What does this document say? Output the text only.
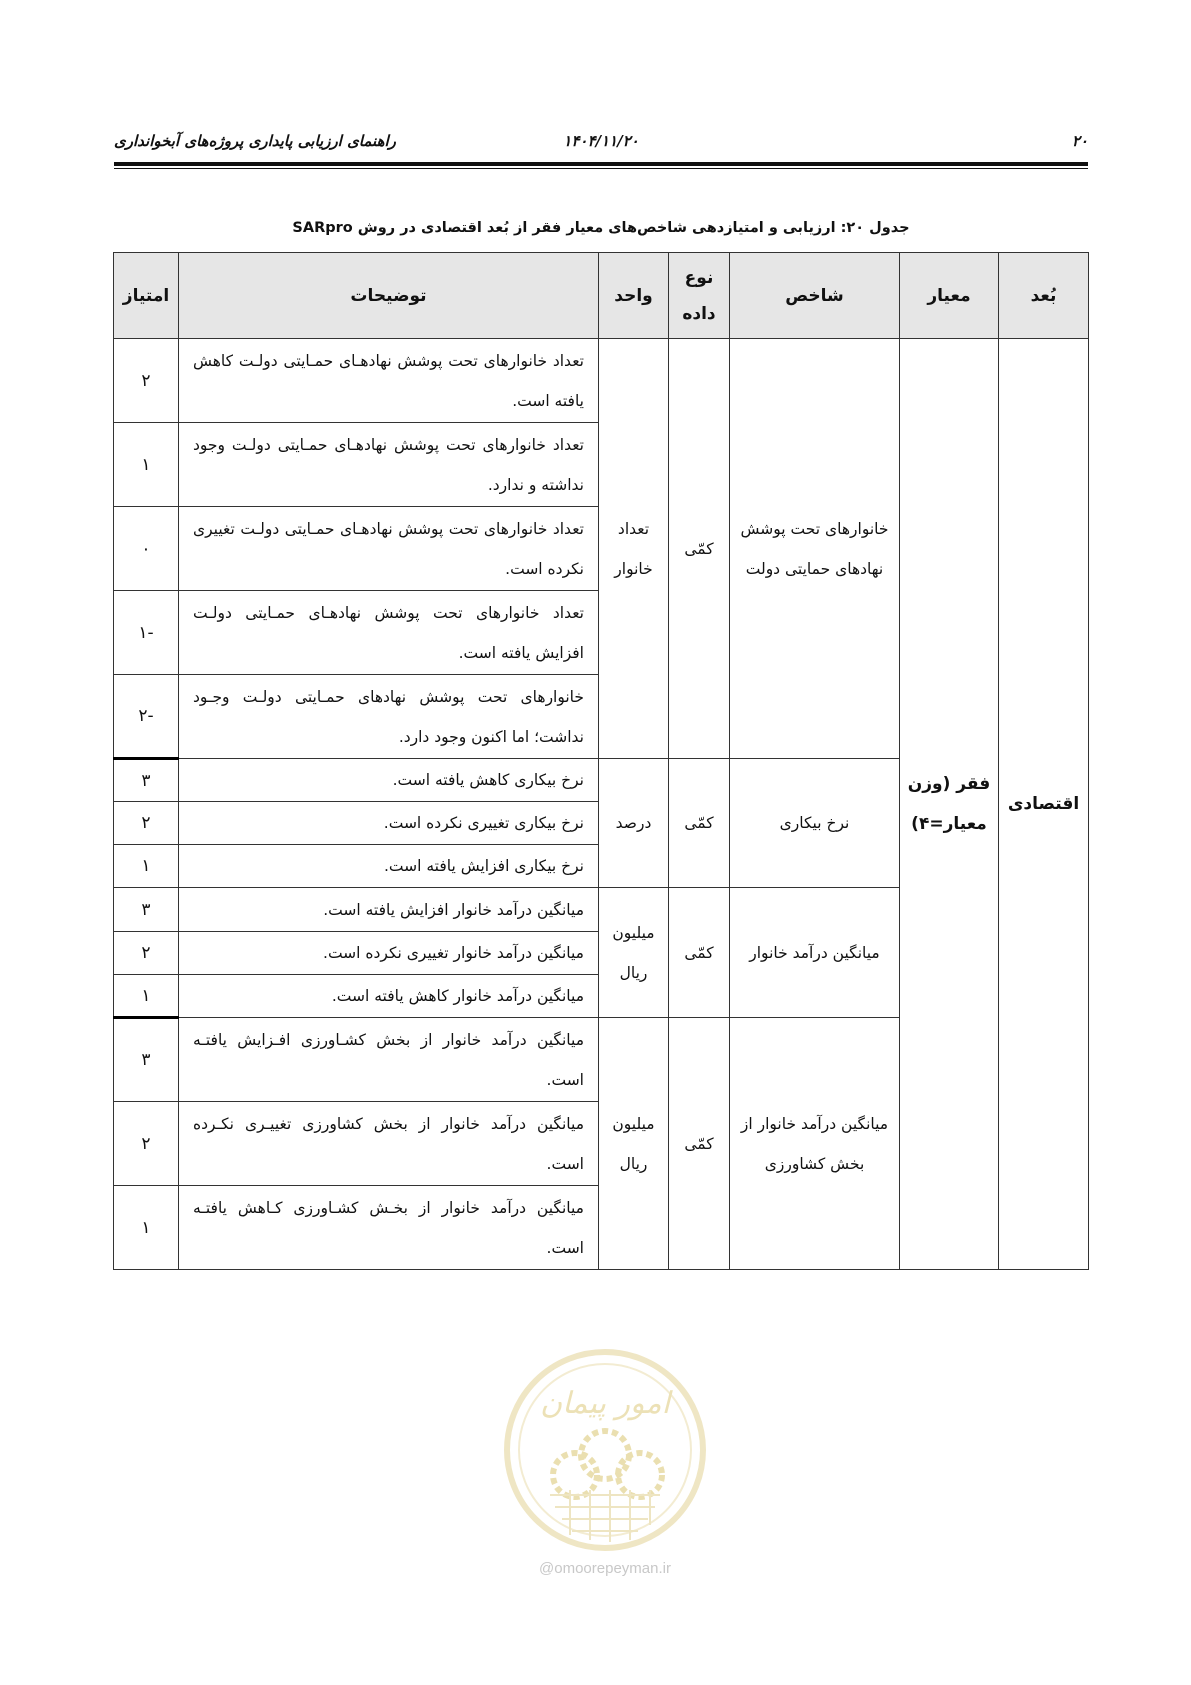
۲۰
۱۴۰۴/۱۱/۲۰
راهنمای ارزیابی پایداری پروژه‌های آبخوانداری
جدول ۲۰: ارزیابی و امتیازدهی شاخص‌های معیار فقر از بُعد اقتصادی در روش SARpro
بُعد	معیار	شاخص	نوع داده	واحد	توضیحات	امتیاز
اقتصادی	فقر (وزن معیار=۴)	خانوارهای تحت پوشش نهادهای حمایتی دولت	کمّی	تعداد خانوار	تعداد خانوارهای تحت پوشش نهادهـای حمـایتی دولـت کاهش یافته است.	۲
					تعداد خانوارهای تحت پوشش نهادهـای حمـایتی دولـت وجود نداشته و ندارد.	۱
					تعداد خانوارهای تحت پوشش نهادهـای حمـایتی دولـت تغییری نکرده است.	۰
					تعداد خانوارهای تحت پوشش نهادهـای حمـایتی دولـت افزایش یافته است.	-۱
					خانوارهای تحت پوشش نهادهای حمـایتی دولـت وجـود نداشت؛ اما اکنون وجود دارد.	-۲
		نرخ بیکاری	کمّی	درصد	نرخ بیکاری کاهش یافته است.	۳
					نرخ بیکاری تغییری نکرده است.	۲
					نرخ بیکاری افزایش یافته است.	۱
		میانگین درآمد خانوار	کمّی	میلیون ریال	میانگین درآمد خانوار افزایش یافته است.	۳
					میانگین درآمد خانوار تغییری نکرده است.	۲
					میانگین درآمد خانوار کاهش یافته است.	۱
		میانگین درآمد خانوار از بخش کشاورزی	کمّی	میلیون ریال	میانگین درآمد خانوار از بخش کشـاورزی افـزایش یافتـه است.	۳
					میانگین درآمد خانوار از بخش کشاورزی تغییـری نکـرده است.	۲
					میانگین درآمد خانوار از بخـش کشـاورزی کـاهش یافتـه است.	۱
امور پیمان
@omoorepeyman.ir
